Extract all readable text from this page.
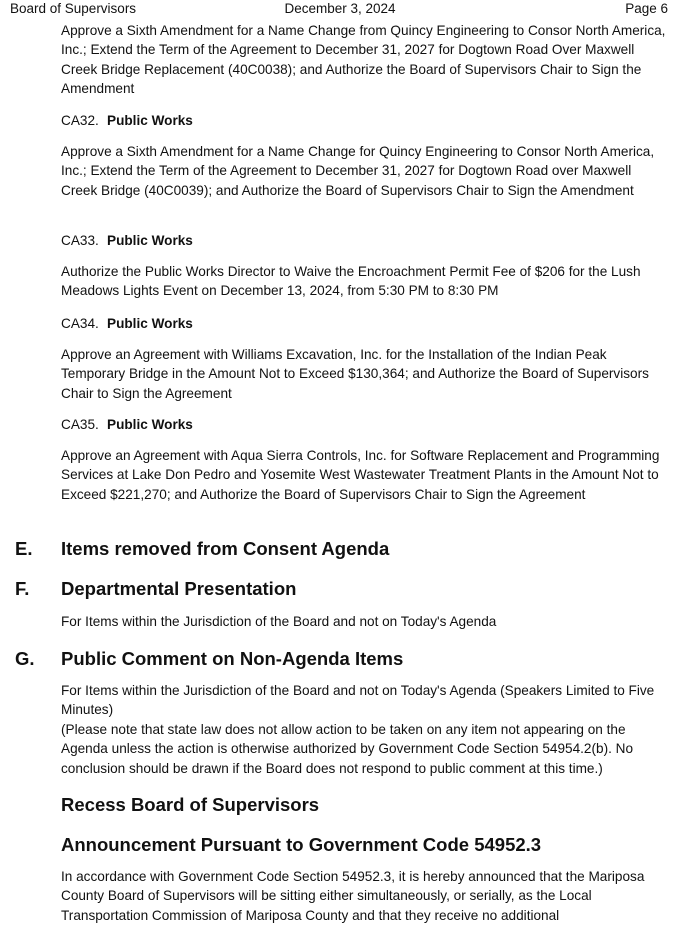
December 3, 2024
Board of Supervisors	Page 6

Approve a Sixth Amendment for a Name Change from Quincy Engineering to Consor North America, Inc.; Extend the Term of the Agreement to December 31, 2027 for Dogtown Road Over Maxwell Creek Bridge Replacement (40C0038); and Authorize the Board of Supervisors Chair to Sign the Amendment

CA32. Public Works

Approve a Sixth Amendment for a Name Change for Quincy Engineering to Consor North America, Inc.; Extend the Term of the Agreement to December 31, 2027 for Dogtown Road over Maxwell Creek Bridge (40C0039); and Authorize the Board of Supervisors Chair to Sign the Amendment

CA33. Public Works

Authorize the Public Works Director to Waive the Encroachment Permit Fee of $206 for the Lush Meadows Lights Event on December 13, 2024, from 5:30 PM to 8:30 PM

CA34. Public Works

Approve an Agreement with Williams Excavation, Inc. for the Installation of the Indian Peak Temporary Bridge in the Amount Not to Exceed $130,364; and Authorize the Board of Supervisors Chair to Sign the Agreement

CA35. Public Works

Approve an Agreement with Aqua Sierra Controls, Inc. for Software Replacement and Programming Services at Lake Don Pedro and Yosemite West Wastewater Treatment Plants in the Amount Not to Exceed $221,270; and Authorize the Board of Supervisors Chair to Sign the Agreement

E. Items removed from Consent Agenda
F. Departmental Presentation

For Items within the Jurisdiction of the Board and not on Today's Agenda

G. Public Comment on Non-Agenda Items

For Items within the Jurisdiction of the Board and not on Today's Agenda (Speakers Limited to Five Minutes)

(Please note that state law does not allow action to be taken on any item not appearing on the Agenda unless the action is otherwise authorized by Government Code Section 54954.2(b). No conclusion should be drawn if the Board does not respond to public comment at this time.)

Recess Board of Supervisors
Announcement Pursuant to Government Code 54952.3

In accordance with Government Code Section 54952.3, it is hereby announced that the Mariposa County Board of Supervisors will be sitting either simultaneously, or serially, as the Local Transportation Commission of Mariposa County and that they receive no additional
